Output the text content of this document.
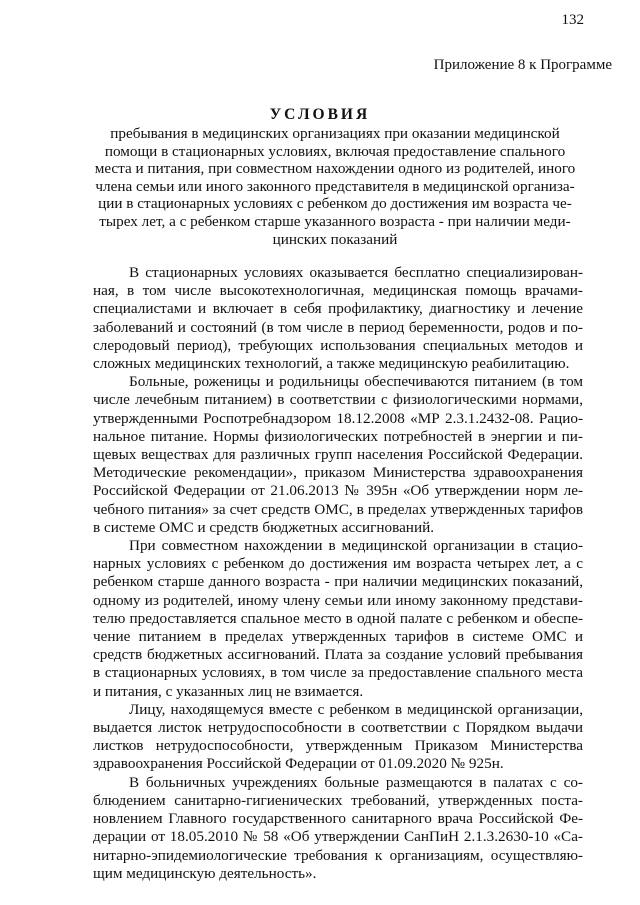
132
Приложение 8 к Программе
УСЛОВИЯ
пребывания в медицинских организациях при оказании медицинской
помощи в стационарных условиях, включая предоставление спального
места и питания, при совместном нахождении одного из родителей, иного
члена семьи или иного законного представителя в медицинской организа-
ции в стационарных условиях с ребенком до достижения им возраста че-
тырех лет, а с ребенком старше указанного возраста - при наличии меди-
цинских показаний
В стационарных условиях оказывается бесплатно специализирован-
ная, в том числе высокотехнологичная, медицинская помощь врачами-
специалистами и включает в себя профилактику, диагностику и лечение
заболеваний и состояний (в том числе в период беременности, родов и по-
слеродовый период), требующих использования специальных методов и
сложных медицинских технологий, а также медицинскую реабилитацию.
Больные, роженицы и родильницы обеспечиваются питанием (в том
числе лечебным питанием) в соответствии с физиологическими нормами,
утвержденными Роспотребнадзором 18.12.2008 «МР 2.3.1.2432-08. Рацио-
нальное питание. Нормы физиологических потребностей в энергии и пи-
щевых веществах для различных групп населения Российской Федерации.
Методические рекомендации», приказом Министерства здравоохранения
Российской Федерации от 21.06.2013 № 395н «Об утверждении норм ле-
чебного питания» за счет средств ОМС, в пределах утвержденных тарифов
в системе ОМС и средств бюджетных ассигнований.
При совместном нахождении в медицинской организации в стацио-
нарных условиях с ребенком до достижения им возраста четырех лет, а с
ребенком старше данного возраста - при наличии медицинских показаний,
одному из родителей, иному члену семьи или иному законному представи-
телю предоставляется спальное место в одной палате с ребенком и обеспе-
чение питанием в пределах утвержденных тарифов в системе ОМС и
средств бюджетных ассигнований. Плата за создание условий пребывания
в стационарных условиях, в том числе за предоставление спального места
и питания, с указанных лиц не взимается.
Лицу, находящемуся вместе с ребенком в медицинской организации,
выдается листок нетрудоспособности в соответствии с Порядком выдачи
листков нетрудоспособности, утвержденным Приказом Министерства
здравоохранения Российской Федерации от 01.09.2020 № 925н.
В больничных учреждениях больные размещаются в палатах с со-
блюдением санитарно-гигиенических требований, утвержденных поста-
новлением Главного государственного санитарного врача Российской Фе-
дерации от 18.05.2010 № 58 «Об утверждении СанПиН 2.1.3.2630-10 «Са-
нитарно-эпидемиологические требования к организациям, осуществляю-
щим медицинскую деятельность».
